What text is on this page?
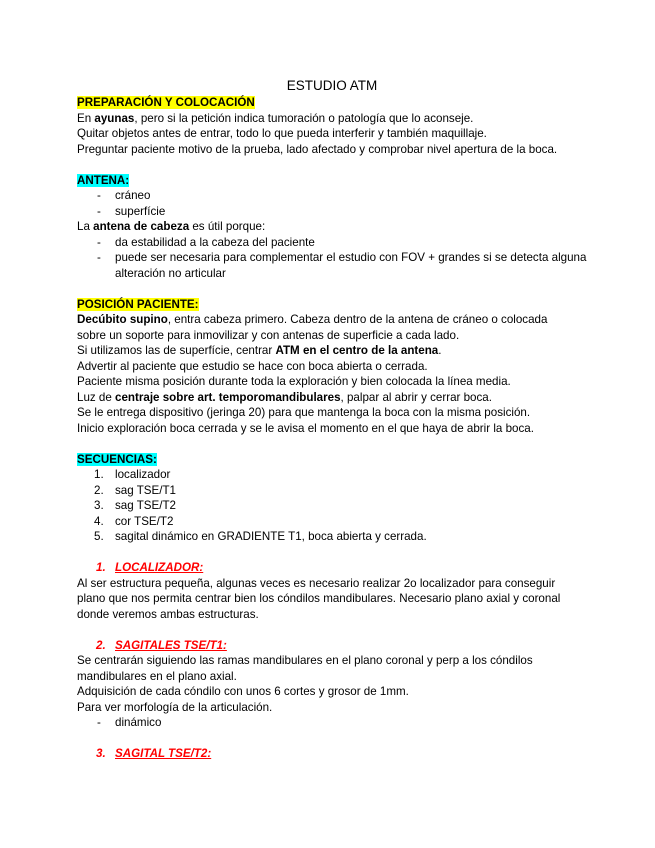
ESTUDIO ATM
PREPARACIÓN Y COLOCACIÓN
En ayunas, pero si la petición indica tumoración o patología que lo aconseje.
Quitar objetos antes de entrar, todo lo que pueda interferir y también maquillaje.
Preguntar paciente motivo de la prueba, lado afectado y comprobar nivel apertura de la boca.
ANTENA:
- cráneo
- superfície
La antena de cabeza es útil porque:
- da estabilidad a la cabeza del paciente
- puede ser necesaria para complementar el estudio con FOV + grandes si se detecta alguna alteración no articular
POSICIÓN PACIENTE:
Decúbito supino, entra cabeza primero. Cabeza dentro de la antena de cráneo o colocada
sobre un soporte para inmovilizar y con antenas de superficie a cada lado.
Si utilizamos las de superfície, centrar ATM en el centro de la antena.
Advertir al paciente que estudio se hace con boca abierta o cerrada.
Paciente misma posición durante toda la exploración y bien colocada la línea media.
Luz de centraje sobre art. temporomandibulares, palpar al abrir y cerrar boca.
Se le entrega dispositivo (jeringa 20) para que mantenga la boca con la misma posición.
Inicio exploración boca cerrada y se le avisa el momento en el que haya de abrir la boca.
SECUENCIAS:
1. localizador
2. sag TSE/T1
3. sag TSE/T2
4. cor TSE/T2
5. sagital dinámico en GRADIENTE T1, boca abierta y cerrada.
1. LOCALIZADOR:
Al ser estructura pequeña, algunas veces es necesario realizar 2o localizador para conseguir
plano que nos permita centrar bien los cóndilos mandibulares. Necesario plano axial y coronal
donde veremos ambas estructuras.
2. SAGITALES TSE/T1:
Se centrarán siguiendo las ramas mandibulares en el plano coronal y perp a los cóndilos
mandibulares en el plano axial.
Adquisición de cada cóndilo con unos 6 cortes y grosor de 1mm.
Para ver morfología de la articulación.
- dinámico
3. SAGITAL TSE/T2:
